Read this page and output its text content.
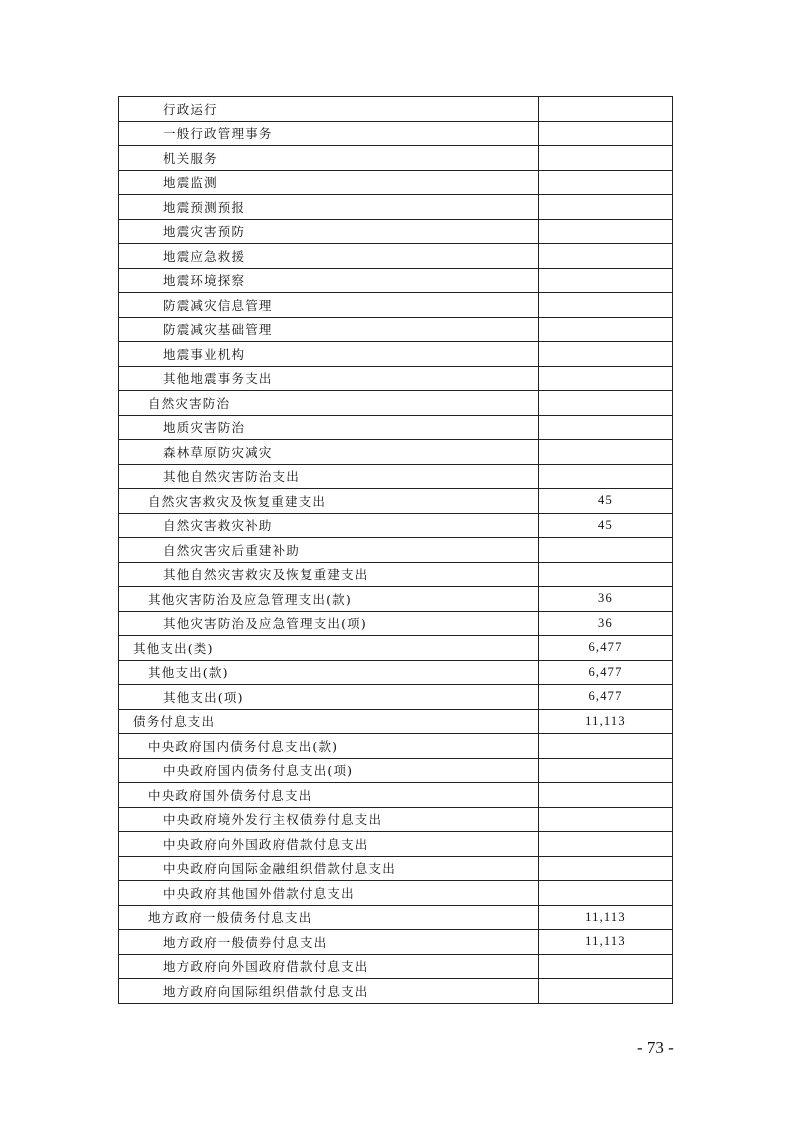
行政运行	
一般行政管理事务	
机关服务	
地震监测	
地震预测预报	
地震灾害预防	
地震应急救援	
地震环境探察	
防震减灾信息管理	
防震减灾基础管理	
地震事业机构	
其他地震事务支出	
自然灾害防治	
地质灾害防治	
森林草原防灾减灾	
其他自然灾害防治支出	
自然灾害救灾及恢复重建支出	45
自然灾害救灾补助	45
自然灾害灾后重建补助	
其他自然灾害救灾及恢复重建支出	
其他灾害防治及应急管理支出(款)	36
其他灾害防治及应急管理支出(项)	36
其他支出(类)	6,477
其他支出(款)	6,477
其他支出(项)	6,477
债务付息支出	11,113
中央政府国内债务付息支出(款)	
中央政府国内债务付息支出(项)	
中央政府国外债务付息支出	
中央政府境外发行主权债券付息支出	
中央政府向外国政府借款付息支出	
中央政府向国际金融组织借款付息支出	
中央政府其他国外借款付息支出	
地方政府一般债务付息支出	11,113
地方政府一般债券付息支出	11,113
地方政府向外国政府借款付息支出	
地方政府向国际组织借款付息支出	
- 73 -
